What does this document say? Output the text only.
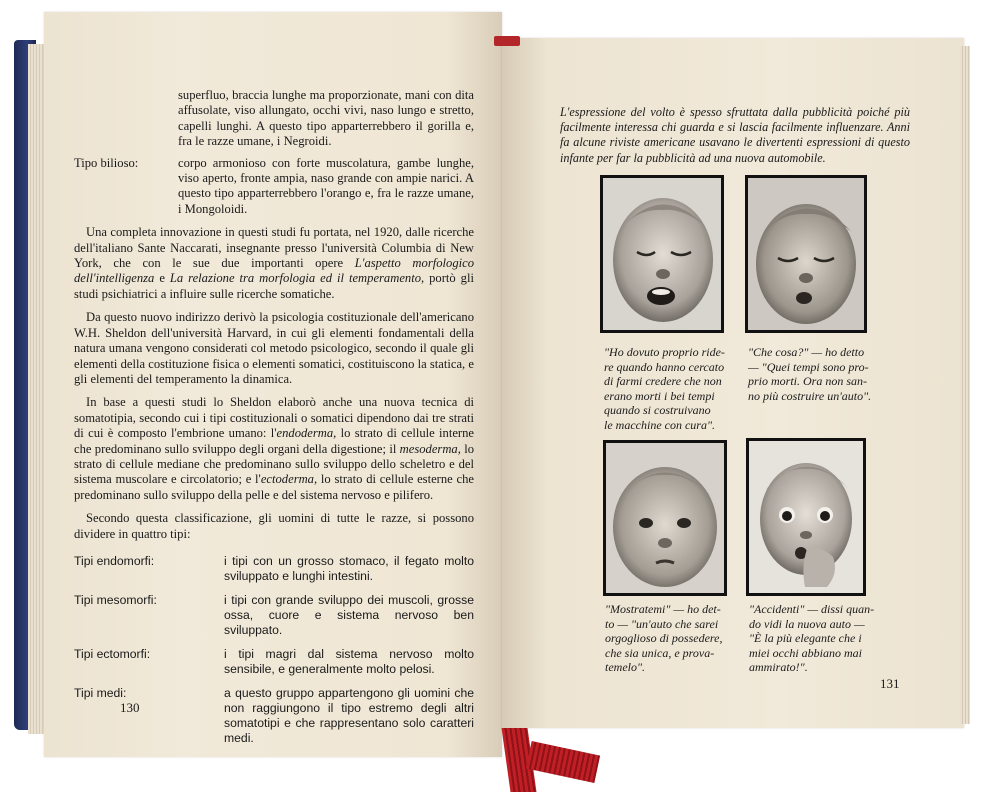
superfluo, braccia lunghe ma proporzionate, mani con dita affusolate, viso allungato, occhi vivi, naso lungo e stretto, capelli lunghi. A questo tipo apparterrebbero il gorilla e, fra le razze umane, i Negroidi.
Tipo bilioso:	corpo armonioso con forte muscolatura, gambe lunghe, viso aperto, fronte ampia, naso grande con ampie narici. A questo tipo apparterrebbero l'orango e, fra le razze umane, i Mongoloidi.

Una completa innovazione in questi studi fu portata, nel 1920, dalle ricerche dell'italiano Sante Naccarati, insegnante presso l'università Columbia di New York, che con le sue due importanti opere L'aspetto morfologico dell'intelligenza e La relazione tra morfologia ed il temperamento, portò gli studi psichiatrici a influire sulle ricerche somatiche.

Da questo nuovo indirizzo derivò la psicologia costituzionale dell'americano W.H. Sheldon dell'università Harvard, in cui gli elementi fondamentali della natura umana vengono considerati col metodo psicologico, secondo il quale gli elementi della costituzione fisica o elementi somatici, costituiscono la statica, e gli elementi del temperamento la dinamica.

In base a questi studi lo Sheldon elaborò anche una nuova tecnica di somatotipia, secondo cui i tipi costituzionali o somatici dipendono dai tre strati di cui è composto l'embrione umano: l'endoderma, lo strato di cellule interne che predominano sullo sviluppo degli organi della digestione; il mesoderma, lo strato di cellule mediane che predominano sullo sviluppo dello scheletro e del sistema muscolare e circolatorio; e l'ectoderma, lo strato di cellule esterne che predominano sullo sviluppo della pelle e del sistema nervoso e pilifero.

Secondo questa classificazione, gli uomini di tutte le razze, si possono dividere in quattro tipi:

Tipi endomorfi:	i tipi con un grosso stomaco, il fegato molto sviluppato e lunghi intestini.
Tipi mesomorfi:	i tipi con grande sviluppo dei muscoli, grosse ossa, cuore e sistema nervoso ben sviluppato.
Tipi ectomorfi:	i tipi magri dal sistema nervoso molto sensibile, e generalmente molto pelosi.
Tipi medi:	a questo gruppo appartengono gli uomini che non raggiungono il tipo estremo degli altri somatotipi e che rappresentano solo caratteri medi.
130
L'espressione del volto è spesso sfruttata dalla pubblicità poiché più facilmente interessa chi guarda e si lascia facilmente influenzare. Anni fa alcune riviste americane usavano le divertenti espressioni di questo infante per far la pubblicità ad una nuova automobile.
"Ho dovuto proprio ride-
re quando hanno cercato
di farmi credere che non
erano morti i bei tempi
quando si costruivano
le macchine con cura".
"Che cosa?" — ho detto
— "Quei tempi sono pro-
prio morti. Ora non san-
no più costruire un'auto".
"Mostratemi" — ho det-
to — "un'auto che sarei
orgoglioso di possedere,
che sia unica, e prova-
temelo".
"Accidenti" — dissi quan-
do vidi la nuova auto —
"È la più elegante che i
miei occhi abbiano mai
ammirato!".
131
